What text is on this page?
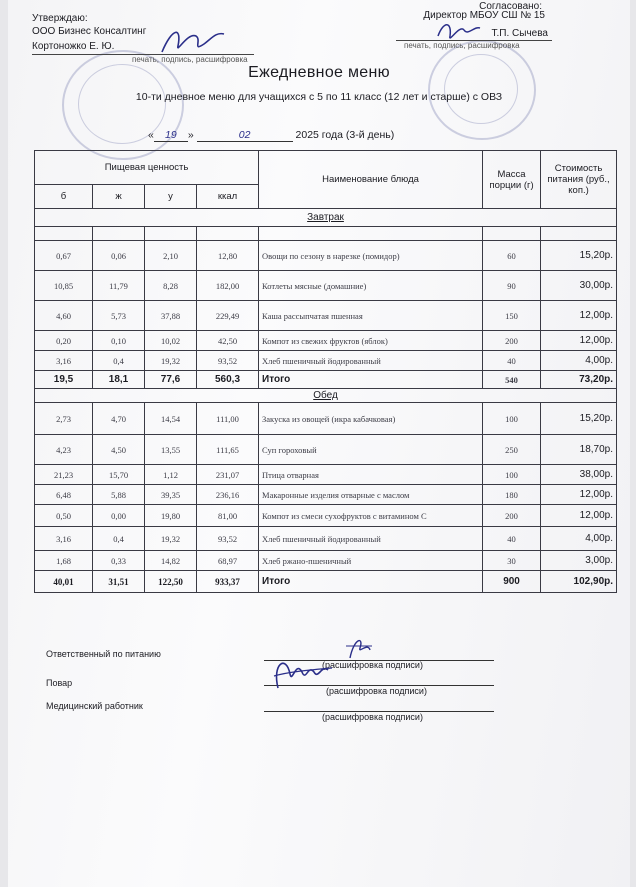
Утверждаю:
ООО Бизнес Консалтинг
Кортоножко Е. Ю.
печать, подпись, расшифровка
Согласовано:
Директор МБОУ СШ № 15
Т.П. Сычева
печать, подпись, расшифровка
Ежедневное меню
10-ти дневное меню для учащихся с 5 по 11 класс (12 лет и старше) с ОВЗ
« 19 »	02	2025 года (3-й день)
Пищевая ценность				Наименование блюда	Масса порции (г)	Стоимость питания (руб., коп.)
б	ж	у	ккал			
Завтрак						

0,67	0,06	2,10	12,80	Овощи по сезону в нарезке (помидор)	60	15,20р.
10,85	11,79	8,28	182,00	Котлеты мясные (домашние)	90	30,00р.
4,60	5,73	37,88	229,49	Каша рассыпчатая пшенная	150	12,00р.
0,20	0,10	10,02	42,50	Компот из свежих фруктов (яблок)	200	12,00р.
3,16	0,4	19,32	93,52	Хлеб пшеничный йодированный	40	4,00р.
19,5	18,1	77,6	560,3	Итого	540	73,20р.
Обед						
2,73	4,70	14,54	111,00	Закуска из овощей (икра кабачковая)	100	15,20р.
4,23	4,50	13,55	111,65	Суп гороховый	250	18,70р.
21,23	15,70	1,12	231,07	Птица отварная	100	38,00р.
6,48	5,88	39,35	236,16	Макаронные изделия отварные с маслом	180	12,00р.
0,50	0,00	19,80	81,00	Компот из смеси сухофруктов с витамином С	200	12,00р.
3,16	0,4	19,32	93,52	Хлеб пшеничный йодированный	40	4,00р.
1,68	0,33	14,82	68,97	Хлеб ржано-пшеничный	30	3,00р.
40,01	31,51	122,50	933,37	Итого	900	102,90р.
Ответственный по питанию
(расшифровка подписи)
Повар
(расшифровка подписи)
Медицинский работник
(расшифровка подписи)
